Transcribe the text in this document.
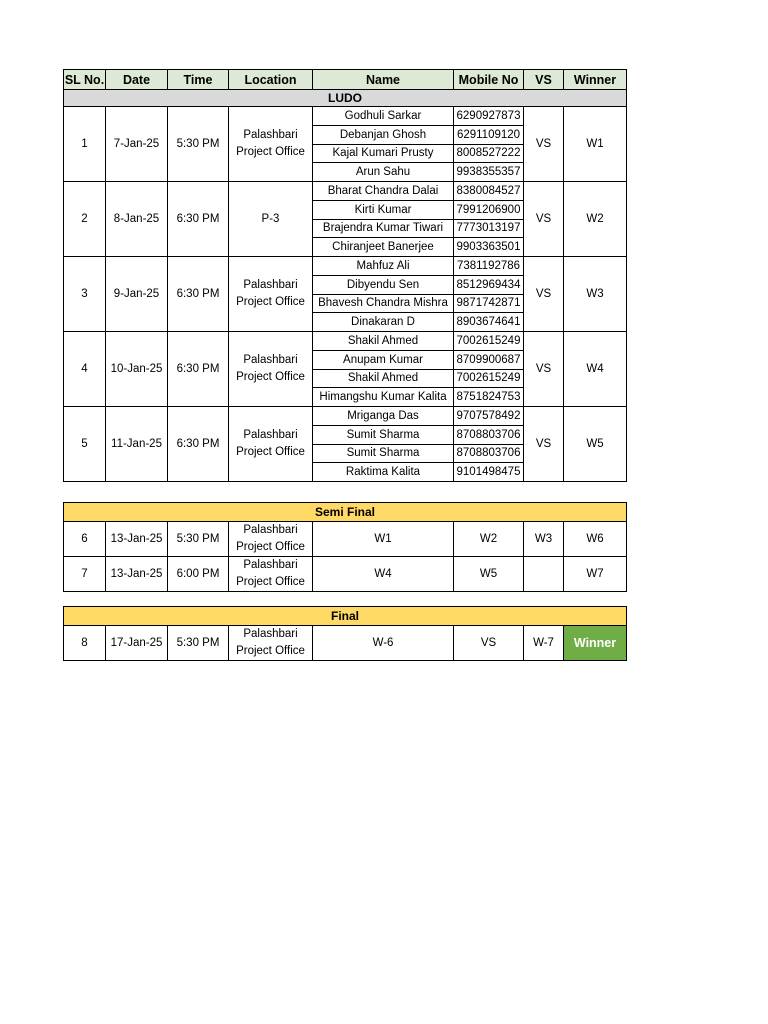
SL No.	Date	Time	Location	Name	Mobile No	VS	Winner
LUDO							
1	7-Jan-25	5:30 PM	Palashbari Project Office	Godhuli Sarkar	6290927873	VS	W1
				Debanjan Ghosh	6291109120		
				Kajal Kumari Prusty	8008527222		
				Arun Sahu	9938355357		
2	8-Jan-25	6:30 PM	P-3	Bharat Chandra Dalai	8380084527	VS	W2
				Kirti Kumar	7991206900		
				Brajendra Kumar Tiwari	7773013197		
				Chiranjeet Banerjee	9903363501		
3	9-Jan-25	6:30 PM	Palashbari Project Office	Mahfuz Ali	7381192786	VS	W3
				Dibyendu Sen	8512969434		
				Bhavesh Chandra Mishra	9871742871		
				Dinakaran D	8903674641		
4	10-Jan-25	6:30 PM	Palashbari Project Office	Shakil Ahmed	7002615249	VS	W4
				Anupam Kumar	8709900687		
				Shakil Ahmed	7002615249		
				Himangshu Kumar Kalita	8751824753		
5	11-Jan-25	6:30 PM	Palashbari Project Office	Mriganga Das	9707578492	VS	W5
				Sumit Sharma	8708803706		
				Sumit Sharma	8708803706		
				Raktima Kalita	9101498475		
Semi Final							
6	13-Jan-25	5:30 PM	Palashbari Project Office	W1	W2	W3	W6
7	13-Jan-25	6:00 PM	Palashbari Project Office	W4	W5		W7
Final
8	17-Jan-25	5:30 PM	Palashbari Project Office	W-6	VS	W-7	Winner
